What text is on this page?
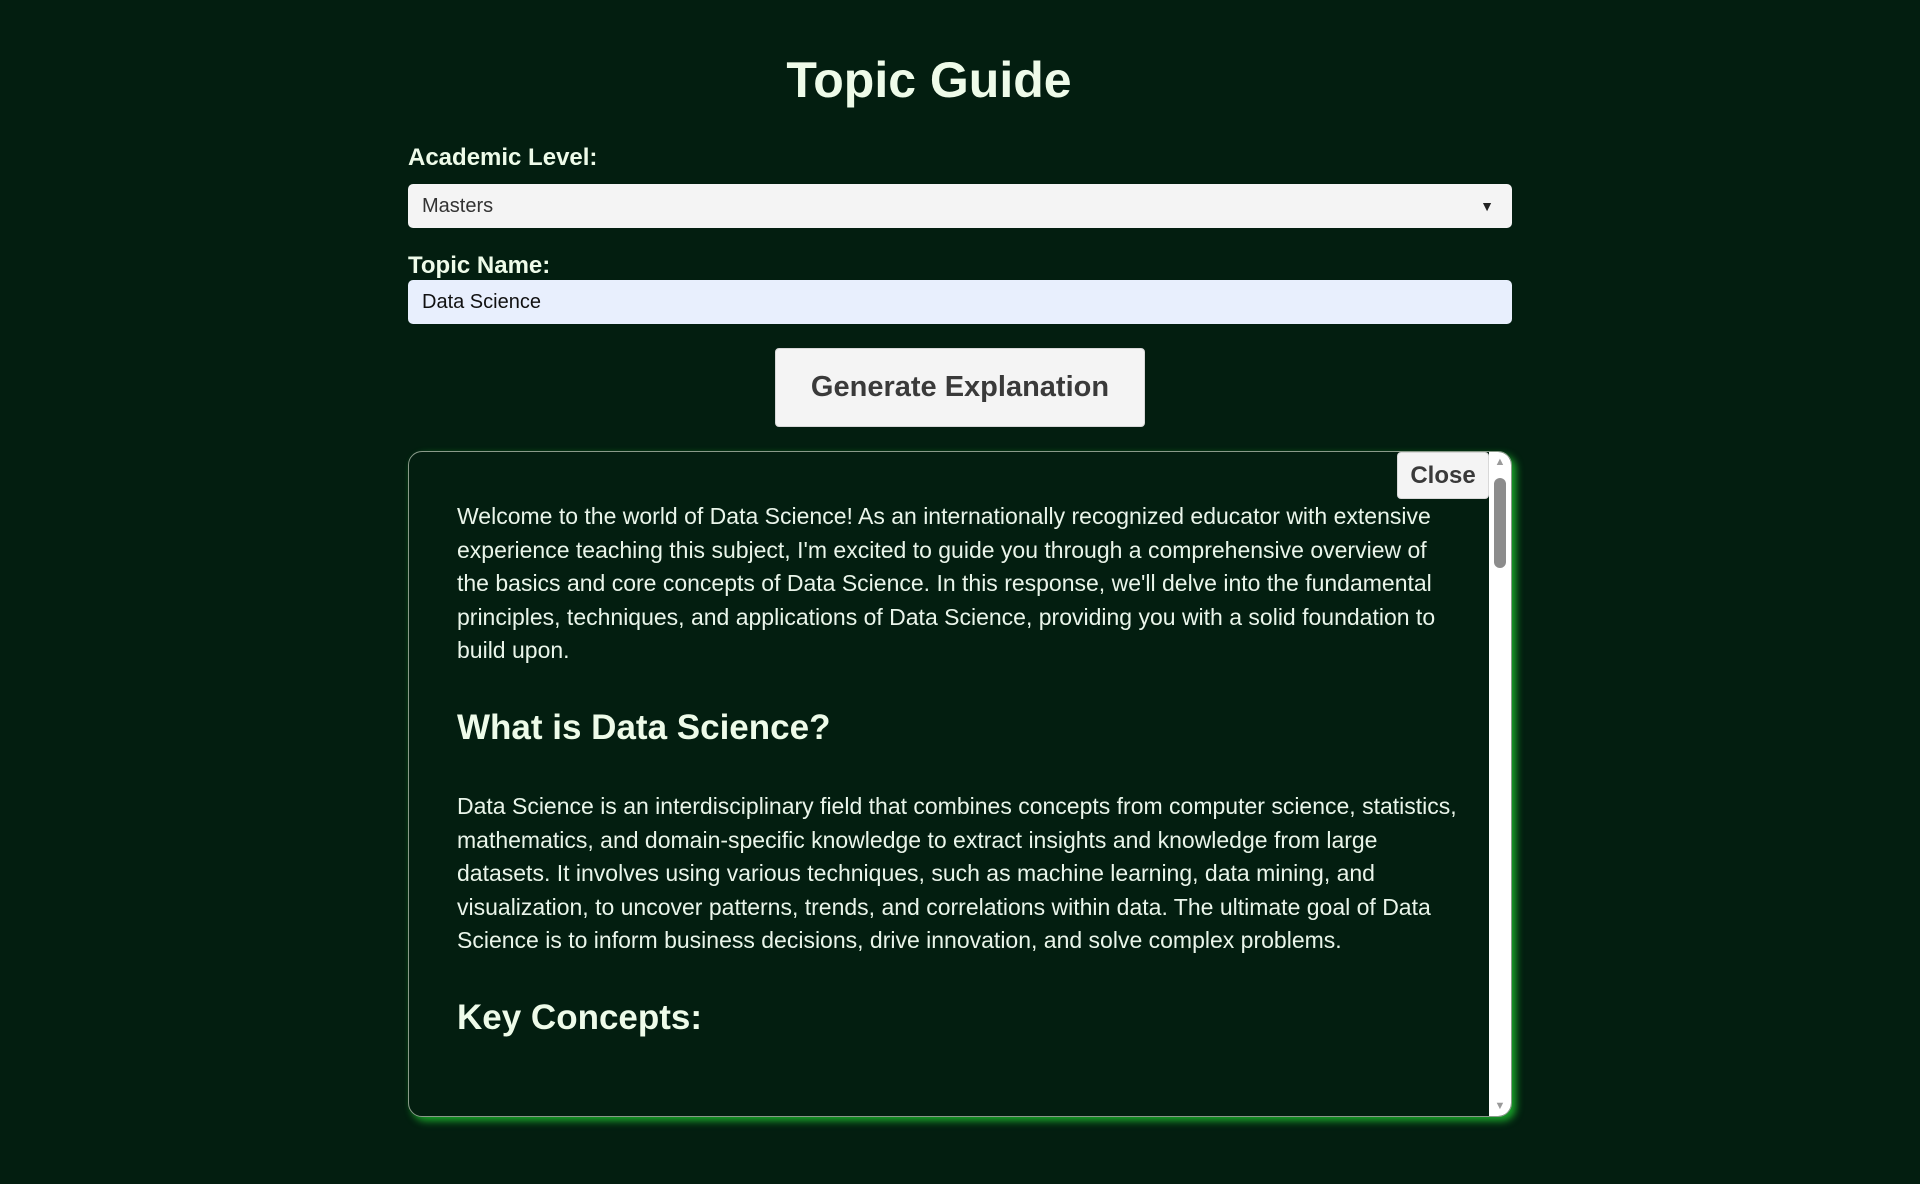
Topic Guide
Academic Level:
Masters	▼
Topic Name:
Data Science
Generate Explanation

Welcome to the world of Data Science! As an internationally recognized educator with extensive experience teaching this subject, I'm excited to guide you through a comprehensive overview of the basics and core concepts of Data Science. In this response, we'll delve into the fundamental principles, techniques, and applications of Data Science, providing you with a solid foundation to build upon.

What is Data Science?

Data Science is an interdisciplinary field that combines concepts from computer science, statistics, mathematics, and domain-specific knowledge to extract insights and knowledge from large datasets. It involves using various techniques, such as machine learning, data mining, and visualization, to uncover patterns, trends, and correlations within data. The ultimate goal of Data Science is to inform business decisions, drive innovation, and solve complex problems.

Key Concepts:
Close	▲
▼
